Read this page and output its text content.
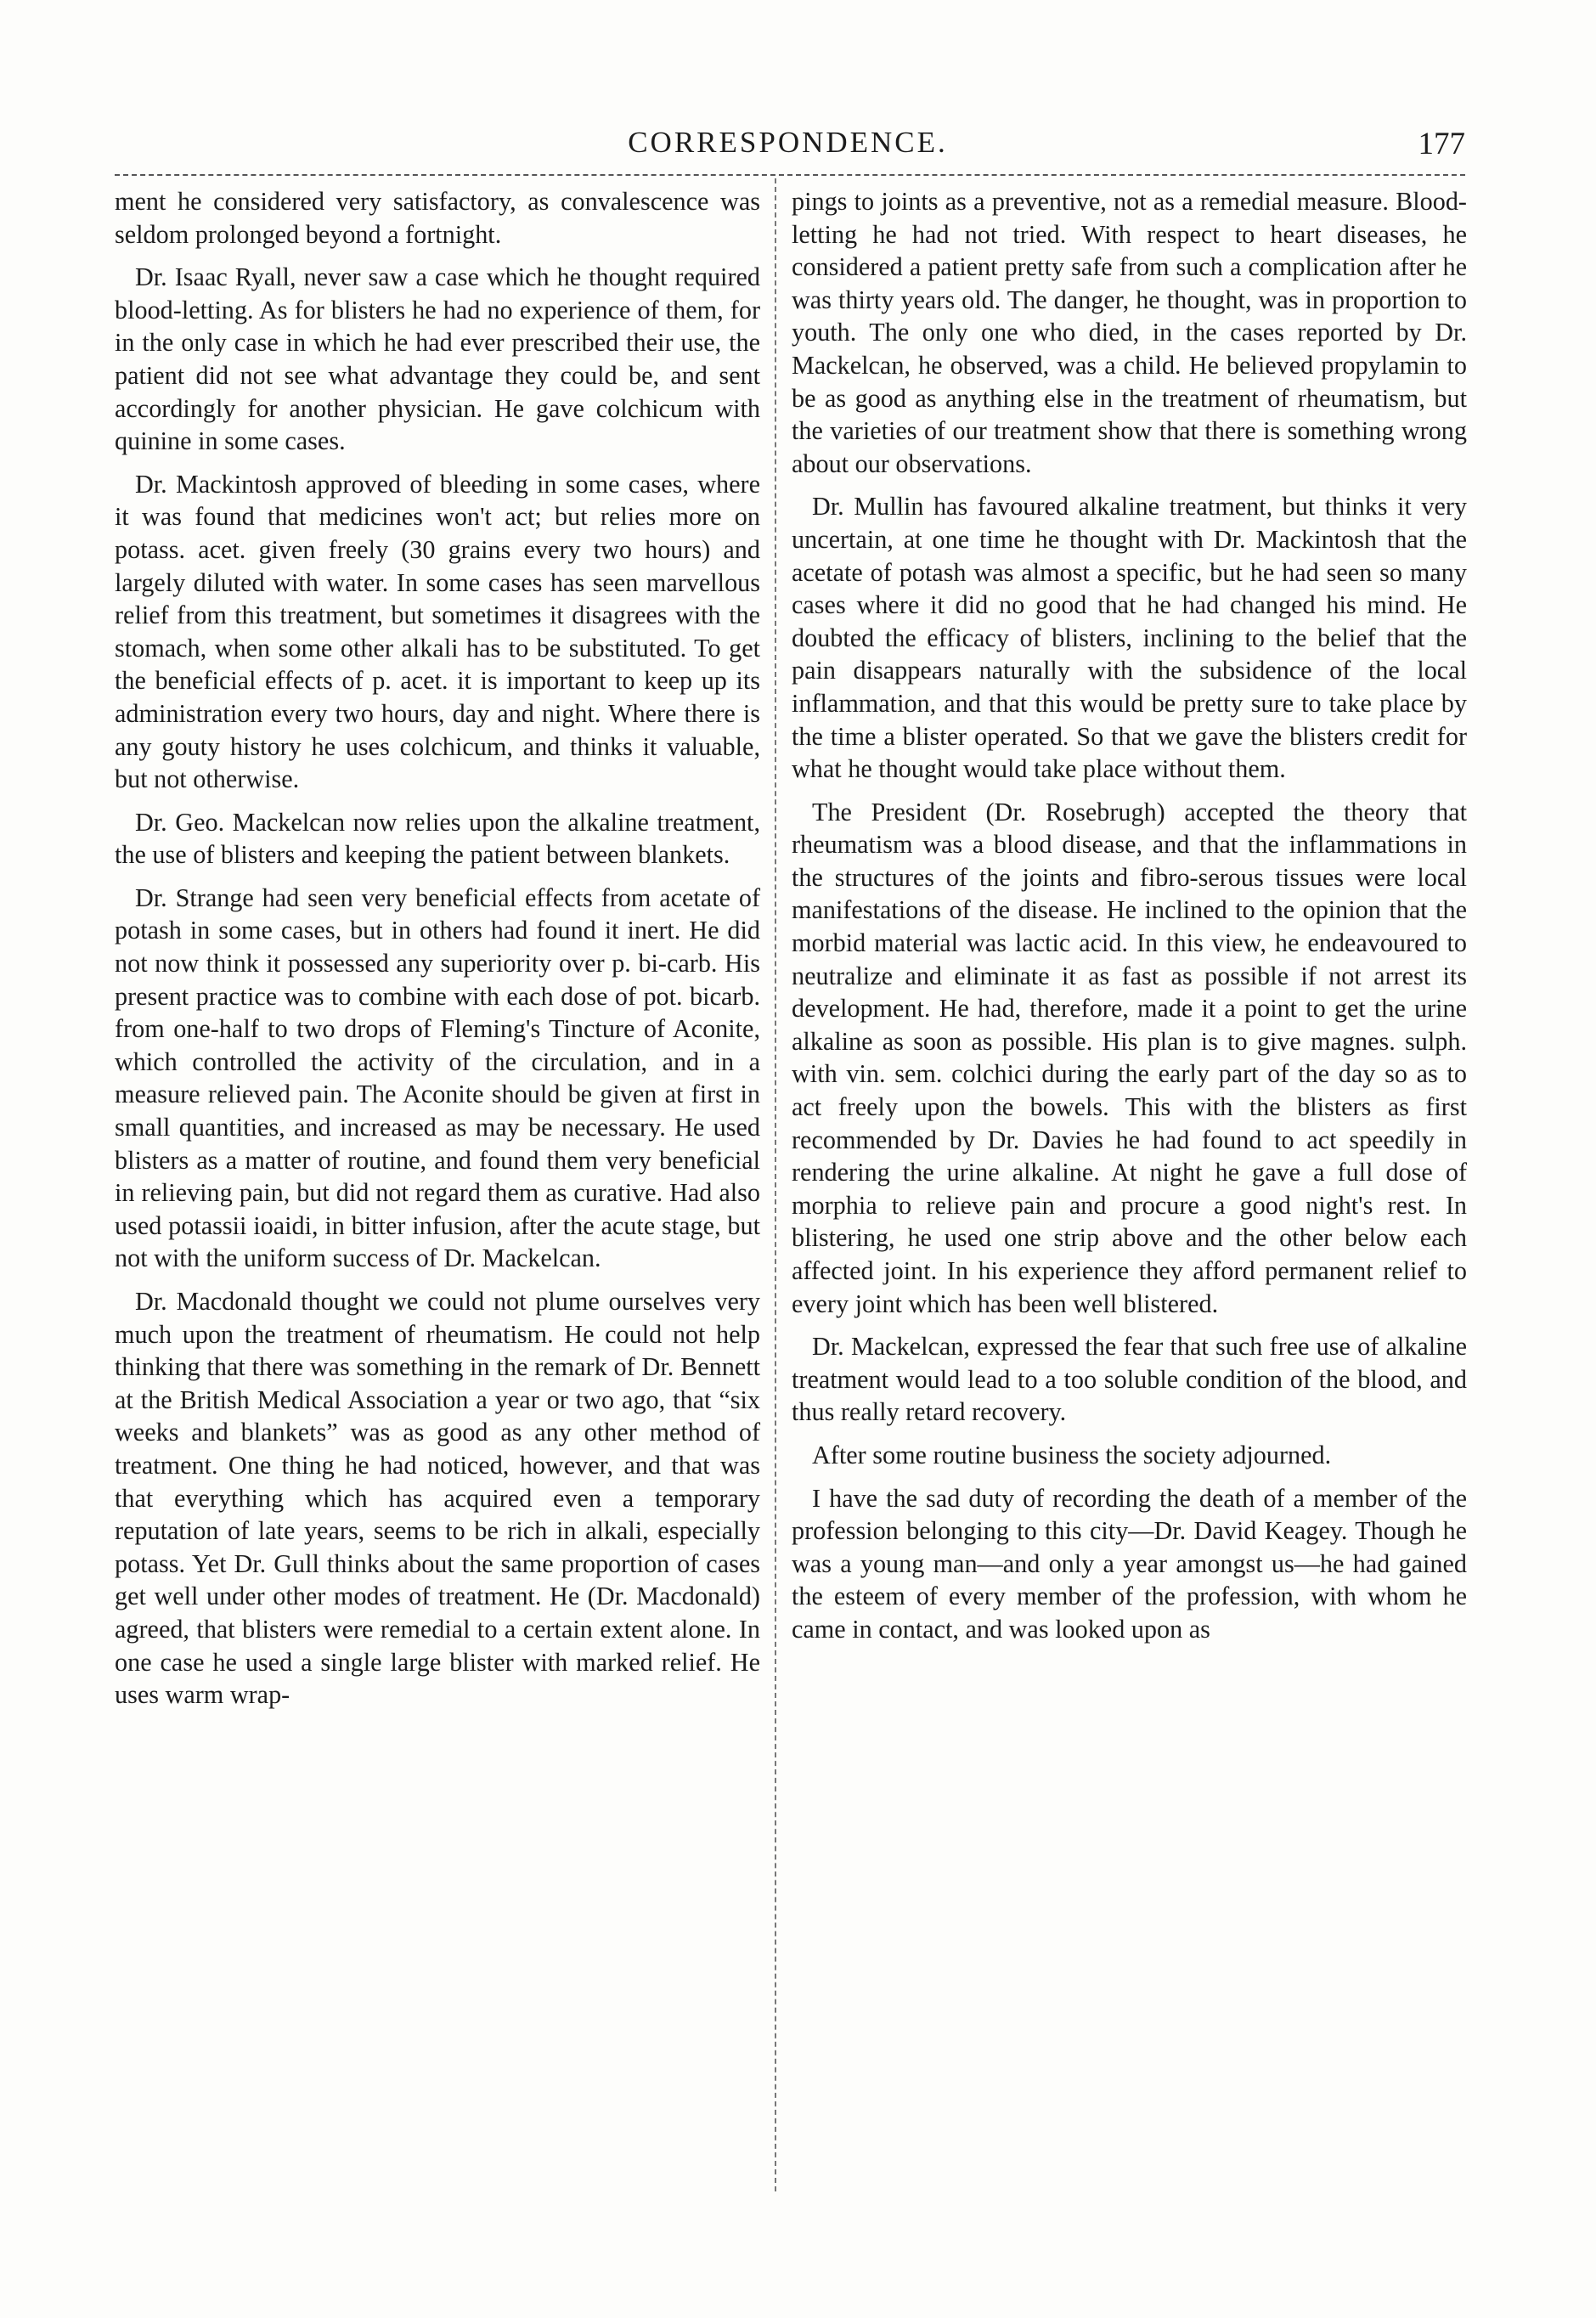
CORRESPONDENCE.	177

ment he considered very satisfactory, as convalescence was seldom prolonged beyond a fortnight.

Dr. Isaac Ryall, never saw a case which he thought required blood-letting. As for blisters he had no experience of them, for in the only case in which he had ever prescribed their use, the patient did not see what advantage they could be, and sent accordingly for another physician. He gave colchicum with quinine in some cases.

Dr. Mackintosh approved of bleeding in some cases, where it was found that medicines won't act; but relies more on potass. acet. given freely (30 grains every two hours) and largely diluted with water. In some cases has seen marvellous relief from this treatment, but sometimes it disagrees with the stomach, when some other alkali has to be substituted. To get the beneficial effects of p. acet. it is important to keep up its administration every two hours, day and night. Where there is any gouty history he uses colchicum, and thinks it valuable, but not otherwise.

Dr. Geo. Mackelcan now relies upon the alkaline treatment, the use of blisters and keeping the patient between blankets.

Dr. Strange had seen very beneficial effects from acetate of potash in some cases, but in others had found it inert. He did not now think it possessed any superiority over p. bi-carb. His present practice was to combine with each dose of pot. bicarb. from one-half to two drops of Fleming's Tincture of Aconite, which controlled the activity of the circulation, and in a measure relieved pain. The Aconite should be given at first in small quantities, and increased as may be necessary. He used blisters as a matter of routine, and found them very beneficial in relieving pain, but did not regard them as curative. Had also used potassii ioaidi, in bitter infusion, after the acute stage, but not with the uniform success of Dr. Mackelcan.

Dr. Macdonald thought we could not plume ourselves very much upon the treatment of rheumatism. He could not help thinking that there was something in the remark of Dr. Bennett at the British Medical Association a year or two ago, that “six weeks and blankets” was as good as any other method of treatment. One thing he had noticed, however, and that was that everything which has acquired even a temporary reputation of late years, seems to be rich in alkali, especially potass. Yet Dr. Gull thinks about the same proportion of cases get well under other modes of treatment. He (Dr. Macdonald) agreed, that blisters were remedial to a certain extent alone. In one case he used a single large blister with marked relief. He uses warm wrap-

pings to joints as a preventive, not as a remedial measure. Blood-letting he had not tried. With respect to heart diseases, he considered a patient pretty safe from such a complication after he was thirty years old. The danger, he thought, was in proportion to youth. The only one who died, in the cases reported by Dr. Mackelcan, he observed, was a child. He believed propylamin to be as good as anything else in the treatment of rheumatism, but the varieties of our treatment show that there is something wrong about our observations.

Dr. Mullin has favoured alkaline treatment, but thinks it very uncertain, at one time he thought with Dr. Mackintosh that the acetate of potash was almost a specific, but he had seen so many cases where it did no good that he had changed his mind. He doubted the efficacy of blisters, inclining to the belief that the pain disappears naturally with the subsidence of the local inflammation, and that this would be pretty sure to take place by the time a blister operated. So that we gave the blisters credit for what he thought would take place without them.

The President (Dr. Rosebrugh) accepted the theory that rheumatism was a blood disease, and that the inflammations in the structures of the joints and fibro-serous tissues were local manifestations of the disease. He inclined to the opinion that the morbid material was lactic acid. In this view, he endeavoured to neutralize and eliminate it as fast as possible if not arrest its development. He had, therefore, made it a point to get the urine alkaline as soon as possible. His plan is to give magnes. sulph. with vin. sem. colchici during the early part of the day so as to act freely upon the bowels. This with the blisters as first recommended by Dr. Davies he had found to act speedily in rendering the urine alkaline. At night he gave a full dose of morphia to relieve pain and procure a good night's rest. In blistering, he used one strip above and the other below each affected joint. In his experience they afford permanent relief to every joint which has been well blistered.

Dr. Mackelcan, expressed the fear that such free use of alkaline treatment would lead to a too soluble condition of the blood, and thus really retard recovery.

After some routine business the society adjourned.

I have the sad duty of recording the death of a member of the profession belonging to this city—Dr. David Keagey. Though he was a young man—and only a year amongst us—he had gained the esteem of every member of the profession, with whom he came in contact, and was looked upon as
